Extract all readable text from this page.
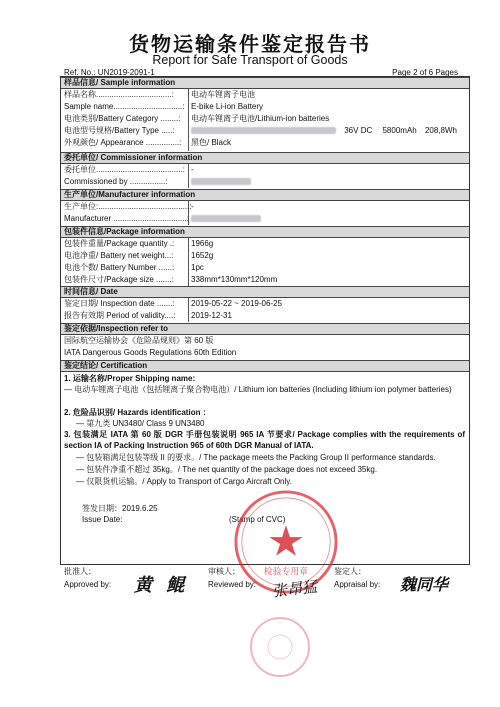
货物运输条件鉴定报告书
Report for Safe Transport of Goods
Ref. No.: UN2019-2091-1	Page 2 of 6 Pages
样品信息/ Sample information
样品名称..................................: 电动车锂离子电池
Sample name...............................: E-bike Li-ion Battery
电池类别/Battery Category ........: 电动车锂离子电池/Lithium-ion batteries
电池型号规格/Battery Type .....:	36V DC 5800mAh 208,8Wh
外观颜色/ Appearance ...............: 黑色/ Black
委托单位/ Commissioner information
委托单位.......................................: -
Commissioned by ................:
生产单位/Manufacturer information
生产单位:.........................................: -
Manufacturer .................................:
包装件信息/Package information
包装件重量/Package quantity .: 1966g
电池净重/ Battery net weight...: 1652g
电池个数/ Battery Number ......: 1pc
包装件尺寸/Package size .......: 338mm*130mm*120mm
时间信息/ Date
鉴定日期/ Inspection date .......: 2019-05-22 ~ 2019-06-25
报告有效期 Period of validity....: 2019-12-31
鉴定依据/Inspection refer to
国际航空运输协会《危险品规则》第 60 版
IATA Dangerous Goods Regulations 60th Edition
鉴定结论/ Certification
1. 运输名称/Proper Shipping name:
— 电动车锂离子电池（包括锂离子聚合物电池）/ Lithium ion batteries (Including lithium ion polymer batteries)
2. 危险品识别/ Hazards identification ：
— 第九类 UN3480/ Class 9 UN3480
3. 包装满足 IATA 第 60 版 DGR 手册包装说明 965 IA 节要求/ Package complies with the requirements of section IA of Packing Instruction 965 of 60th DGR Manual of IATA.
— 包装箱满足包装等级 II 的要求。/ The package meets the Packing Group II performance standards.
— 包装件净重不超过 35kg。/ The net quantity of the package does not exceed 35kg.
— 仅限货机运输。/ Apply to Transport of Cargo Aircraft Only.
签发日期：2019.6.25
Issue Date:	(Stamp of CVC)
检验专用章
批准人：
Approved by: 黄 鲲
审核人：
Reviewed by: 张昂猛
鉴定人：
Appraisal by: 魏同华
